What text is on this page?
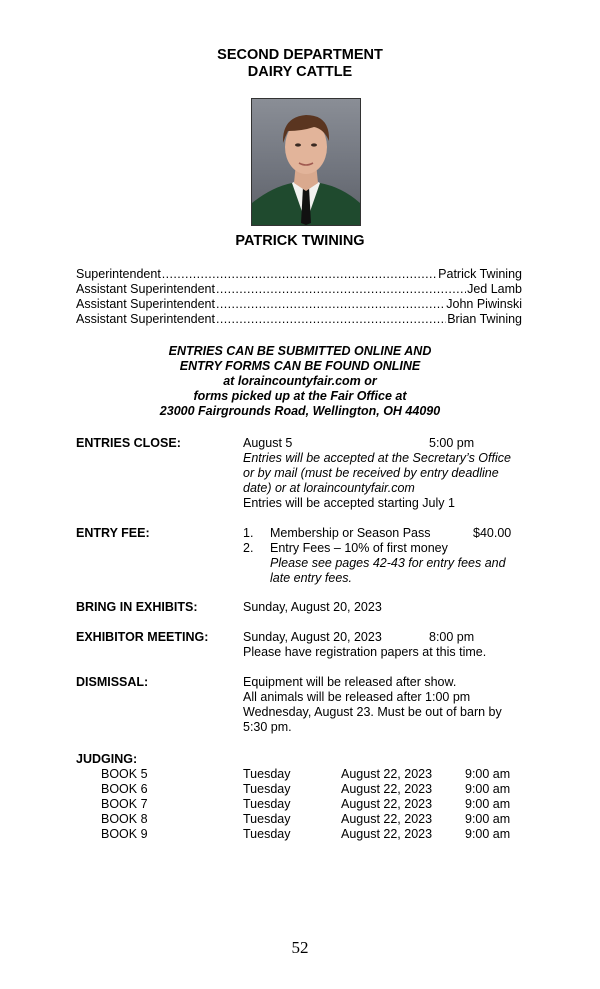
SECOND DEPARTMENT
DAIRY CATTLE
PATRICK TWINING
Superintendent .....	Patrick Twining
Assistant Superintendent .....	Jed Lamb
Assistant Superintendent .....	John Piwinski
Assistant Superintendent .....	Brian Twining
ENTRIES CAN BE SUBMITTED ONLINE AND
ENTRY FORMS CAN BE FOUND ONLINE
at loraincountyfair.com or
forms picked up at the Fair Office at
23000 Fairgrounds Road, Wellington, OH 44090
ENTRIES CLOSE:	August 5	5:00 pm
Entries will be accepted at the Secretary’s Office
or by mail (must be received by entry deadline
date) or at loraincountyfair.com
Entries will be accepted starting July 1
ENTRY FEE:	1. Membership or Season Pass	$40.00
2. Entry Fees – 10% of first money
Please see pages 42-43 for entry fees and
late entry fees.
BRING IN EXHIBITS:	Sunday, August 20, 2023
EXHIBITOR MEETING:	Sunday, August 20, 2023	8:00 pm
Please have registration papers at this time.
DISMISSAL:	Equipment will be released after show.
All animals will be released after 1:00 pm
Wednesday, August 23. Must be out of barn by
5:30 pm.
JUDGING:
BOOK 5	Tuesday	August 22, 2023	9:00 am
BOOK 6	Tuesday	August 22, 2023	9:00 am
BOOK 7	Tuesday	August 22, 2023	9:00 am
BOOK 8	Tuesday	August 22, 2023	9:00 am
BOOK 9	Tuesday	August 22, 2023	9:00 am
52
